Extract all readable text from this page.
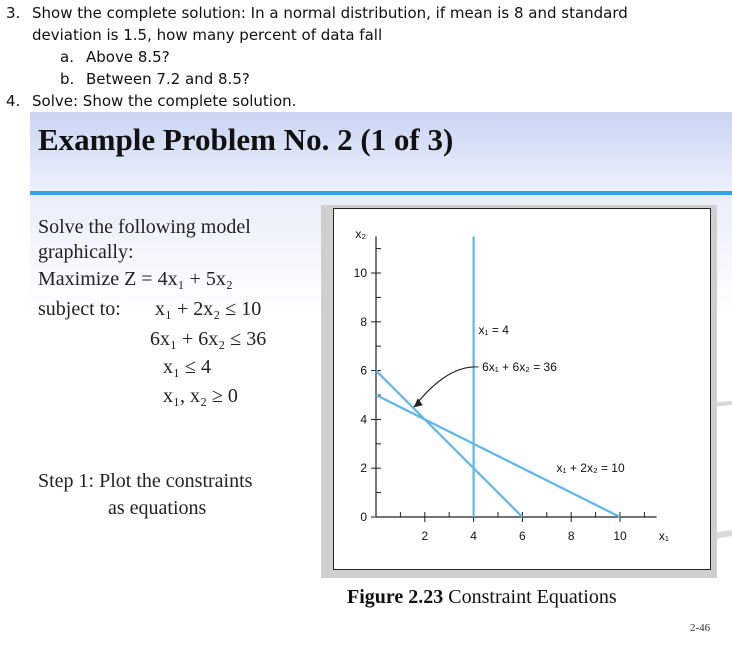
3. Show the complete solution: In a normal distribution, if mean is 8 and standard
deviation is 1.5, how many percent of data fall
a. Above 8.5?
b. Between 7.2 and 8.5?
4. Solve: Show the complete solution.
Example Problem No. 2 (1 of 3)
Solve the following model
graphically:
Maximize Z = 4x₁ + 5x₂
subject to: x₁ + 2x₂ ≤ 10
6x₁ + 6x₂ ≤ 36
x₁ ≤ 4
x₁, x₂ ≥ 0
Step 1: Plot the constraints
as equations
2	4	6	8	10
0
2
4
6
8
10
x₁
x₂
x₁ = 4
6x₁ + 6x₂ = 36
x₁ + 2x₂ = 10
Figure 2.23 Constraint Equations
2-46
